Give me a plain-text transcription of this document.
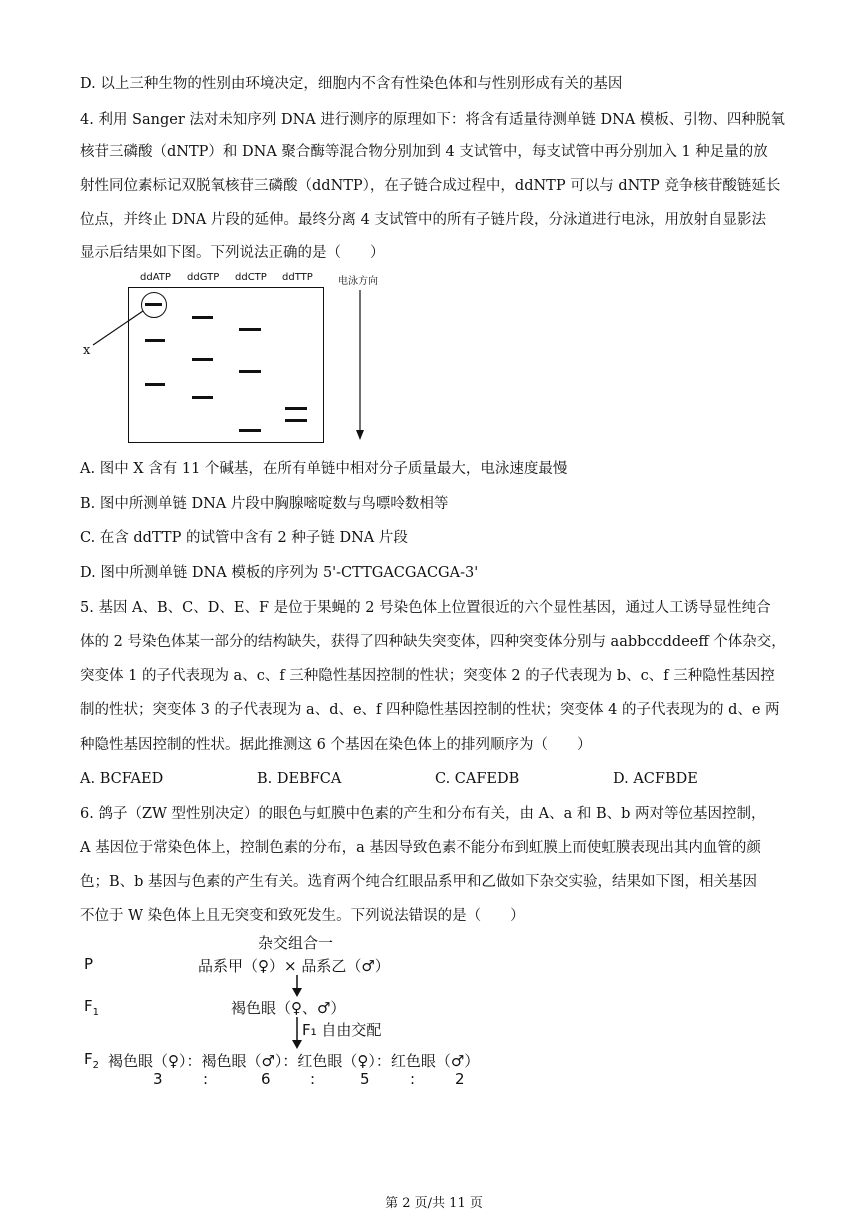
D. 以上三种生物的性别由环境决定，细胞内不含有性染色体和与性别形成有关的基因
4. 利用 Sanger 法对未知序列 DNA 进行测序的原理如下：将含有适量待测单链 DNA 模板、引物、四种脱氧
核苷三磷酸（dNTP）和 DNA 聚合酶等混合物分别加到 4 支试管中，每支试管中再分别加入 1 种足量的放
射性同位素标记双脱氧核苷三磷酸（ddNTP），在子链合成过程中，ddNTP 可以与 dNTP 竞争核苷酸链延长
位点，并终止 DNA 片段的延伸。最终分离 4 支试管中的所有子链片段，分泳道进行电泳，用放射自显影法
显示后结果如下图。下列说法正确的是（　　）
ddATP ddGTP ddCTP ddTTP	电泳方向
x
A. 图中 X 含有 11 个碱基，在所有单链中相对分子质量最大，电泳速度最慢
B. 图中所测单链 DNA 片段中胸腺嘧啶数与鸟嘌呤数相等
C. 在含 ddTTP 的试管中含有 2 种子链 DNA 片段
D. 图中所测单链 DNA 模板的序列为 5'-CTTGACGACGA-3'
5. 基因 A、B、C、D、E、F 是位于果蝇的 2 号染色体上位置很近的六个显性基因，通过人工诱导显性纯合
体的 2 号染色体某一部分的结构缺失，获得了四种缺失突变体，四种突变体分别与 aabbccddeeff 个体杂交，
突变体 1 的子代表现为 a、c、f 三种隐性基因控制的性状；突变体 2 的子代表现为 b、c、f 三种隐性基因控
制的性状；突变体 3 的子代表现为 a、d、e、f 四种隐性基因控制的性状；突变体 4 的子代表现为的 d、e 两
种隐性基因控制的性状。据此推测这 6 个基因在染色体上的排列顺序为（　　）
A. BCFAED	B. DEBFCA	C. CAFEDB	D. ACFBDE
6. 鸽子（ZW 型性别决定）的眼色与虹膜中色素的产生和分布有关，由 A、a 和 B、b 两对等位基因控制，
A 基因位于常染色体上，控制色素的分布，a 基因导致色素不能分布到虹膜上而使虹膜表现出其内血管的颜
色；B、b 基因与色素的产生有关。选育两个纯合红眼品系甲和乙做如下杂交实验，结果如下图，相关基因
不位于 W 染色体上且无突变和致死发生。下列说法错误的是（　　）
杂交组合一
P	品系甲（♀）× 品系乙（♂）
$F_1$	褐色眼（♀、♂）
F₁ 自由交配
$F_2$ 褐色眼（♀）：褐色眼（♂）：红色眼（♀）：红色眼（♂）
3	:	6	:	5	:	2
第 2 页/共 11 页
